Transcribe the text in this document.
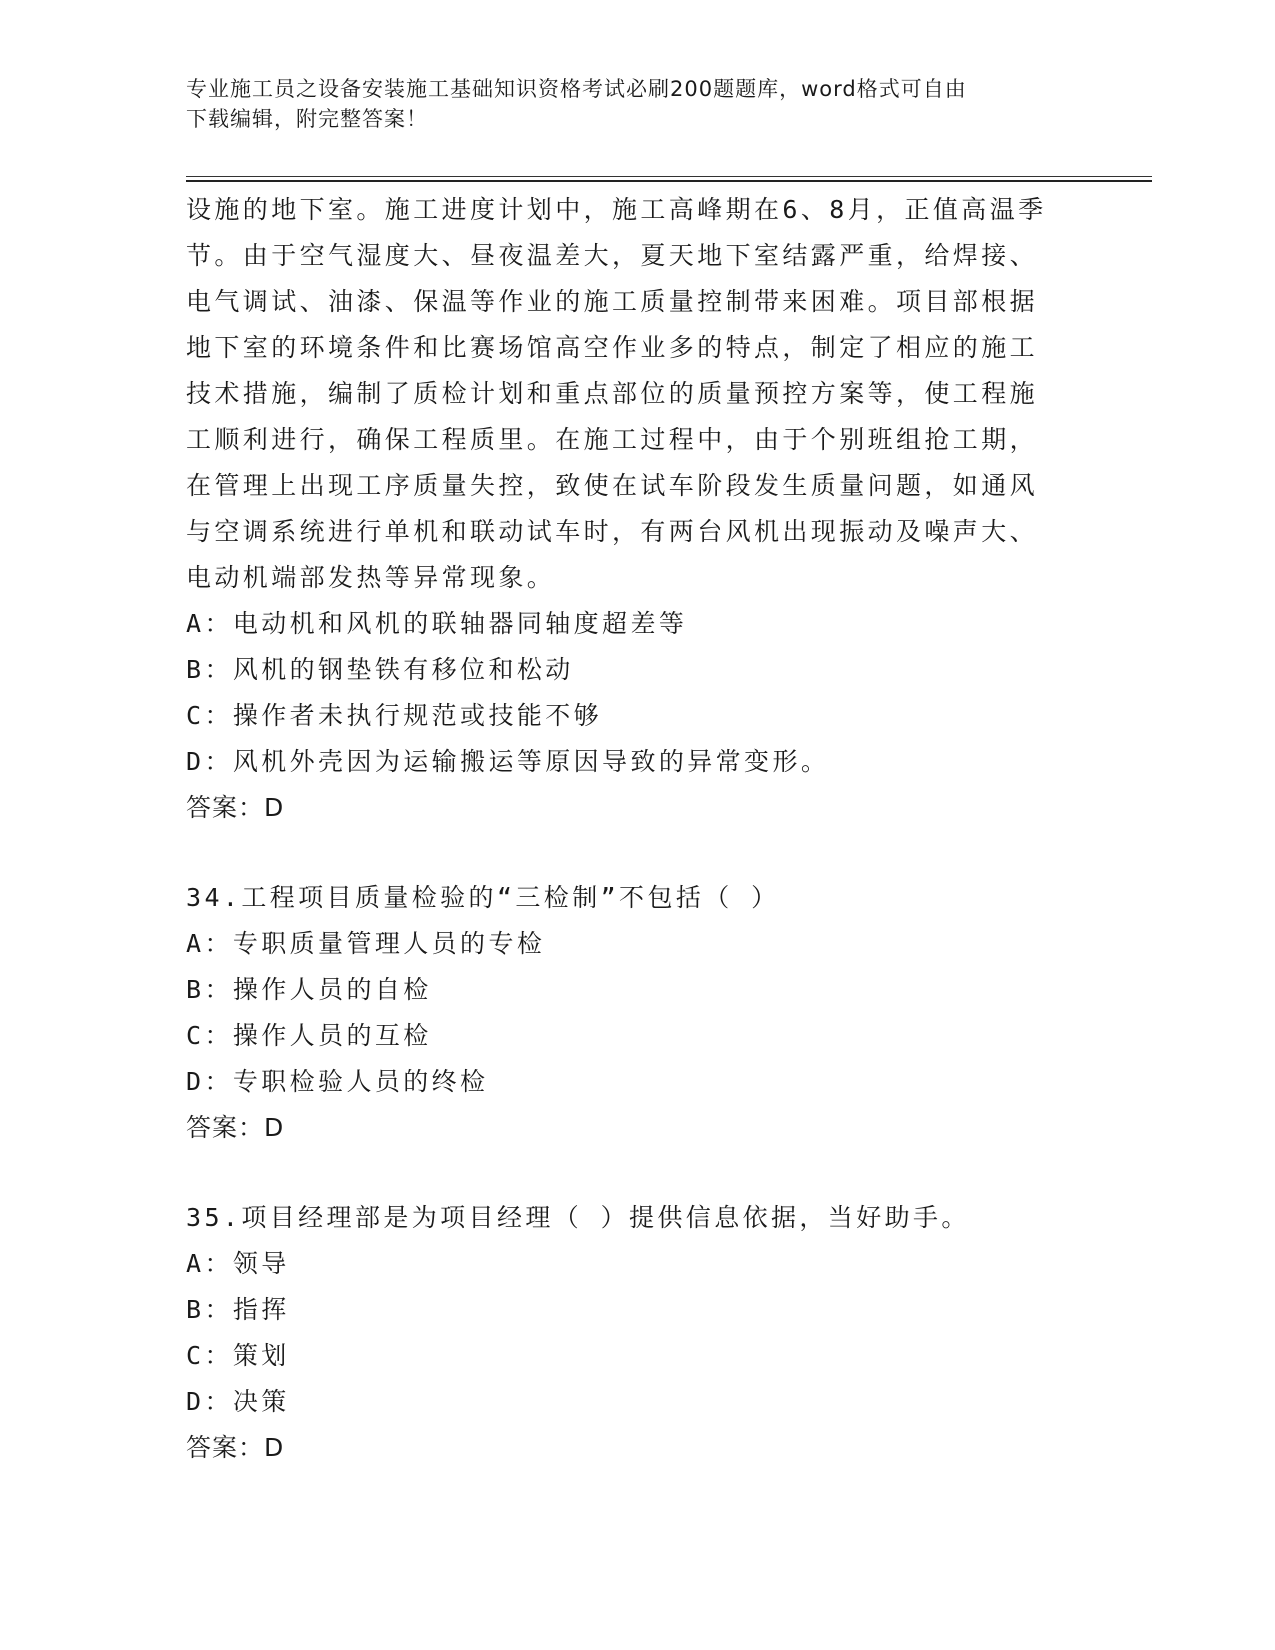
专业施工员之设备安装施工基础知识资格考试必刷200题题库，word格式可自由
下载编辑，附完整答案！
设施的地下室。施工进度计划中，施工高峰期在6、8月，正值高温季
节。由于空气湿度大、昼夜温差大，夏天地下室结露严重，给焊接、
电气调试、油漆、保温等作业的施工质量控制带来困难。项目部根据
地下室的环境条件和比赛场馆高空作业多的特点，制定了相应的施工
技术措施，编制了质检计划和重点部位的质量预控方案等，使工程施
工顺利进行，确保工程质里。在施工过程中，由于个别班组抢工期，
在管理上出现工序质量失控，致使在试车阶段发生质量问题，如通风
与空调系统进行单机和联动试车时，有两台风机出现振动及噪声大、
电动机端部发热等异常现象。
A：电动机和风机的联轴器同轴度超差等
B：风机的钢垫铁有移位和松动
C：操作者未执行规范或技能不够
D：风机外壳因为运输搬运等原因导致的异常变形。
答案：D
34.工程项目质量检验的“三检制”不包括（ ）
A：专职质量管理人员的专检
B：操作人员的自检
C：操作人员的互检
D：专职检验人员的终检
答案：D
35.项目经理部是为项目经理（ ）提供信息依据，当好助手。
A：领导
B：指挥
C：策划
D：决策
答案：D
